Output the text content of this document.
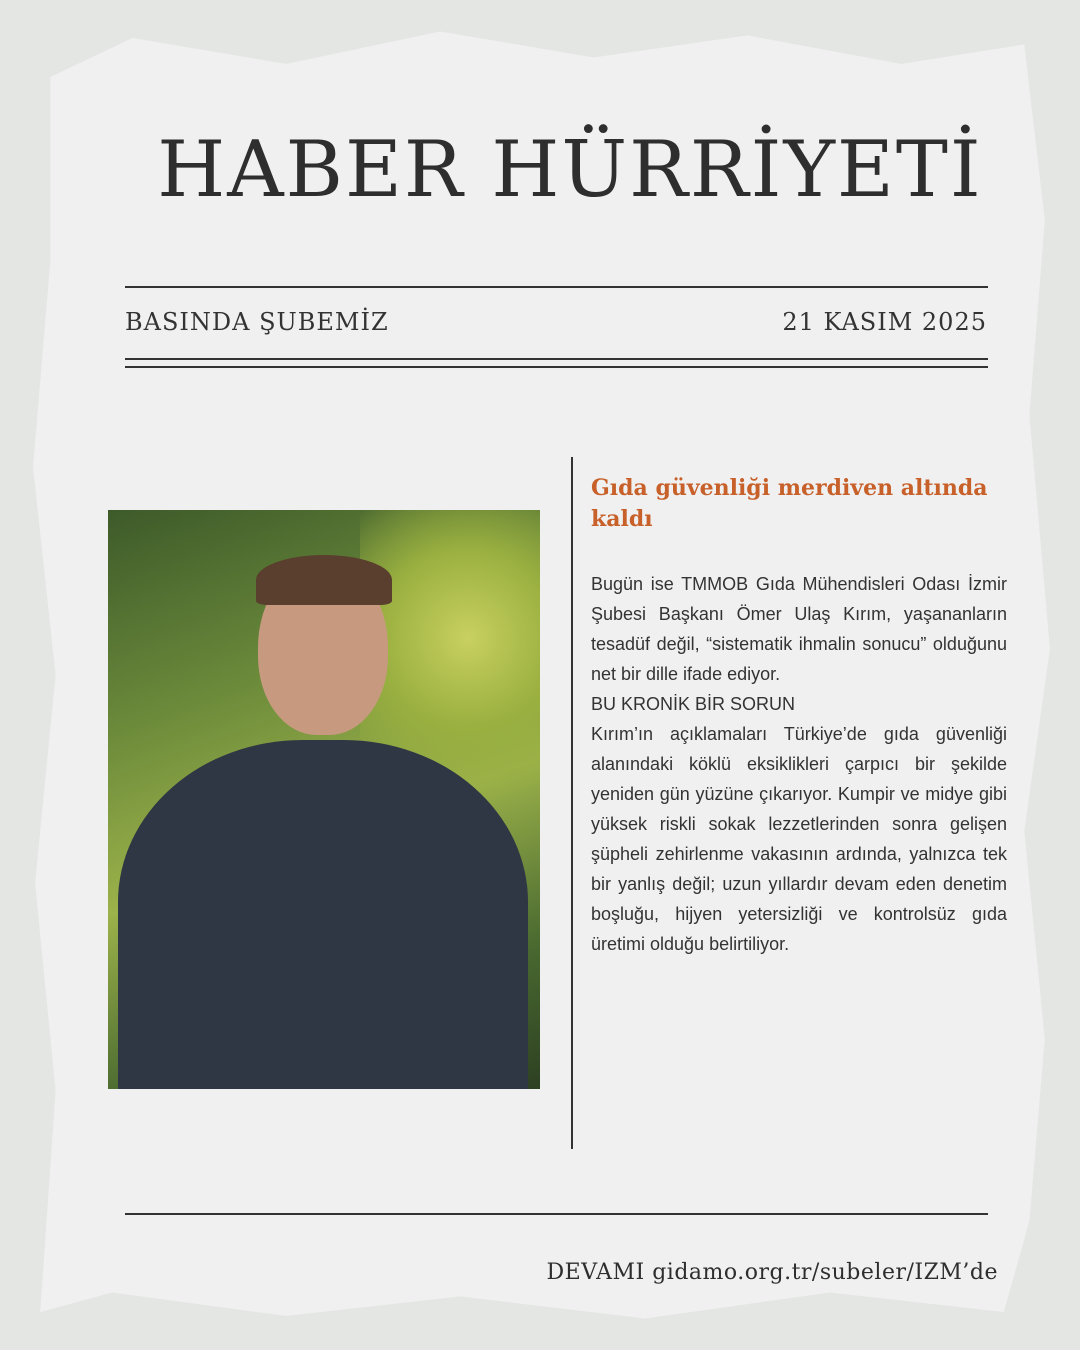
HABER HÜRRİYETİ
BASINDA ŞUBEMİZ	21 KASIM 2025
Gıda güvenliği merdiven altında kaldı

Bugün ise TMMOB Gıda Mühendisleri Odası İzmir Şubesi Başkanı Ömer Ulaş Kırım, yaşananların tesadüf değil, “sistematik ihmalin sonucu” olduğunu net bir dille ifade ediyor.

BU KRONİK BİR SORUN

Kırım’ın açıklamaları Türkiye’de gıda güvenliği alanındaki köklü eksiklikleri çarpıcı bir şekilde yeniden gün yüzüne çıkarıyor. Kumpir ve midye gibi yüksek riskli sokak lezzetlerinden sonra gelişen şüpheli zehirlenme vakasının ardında, yalnızca tek bir yanlış değil; uzun yıllardır devam eden denetim boşluğu, hijyen yetersizliği ve kontrolsüz gıda üretimi olduğu belirtiliyor.

DEVAMI gidamo.org.tr/subeler/IZM’de
